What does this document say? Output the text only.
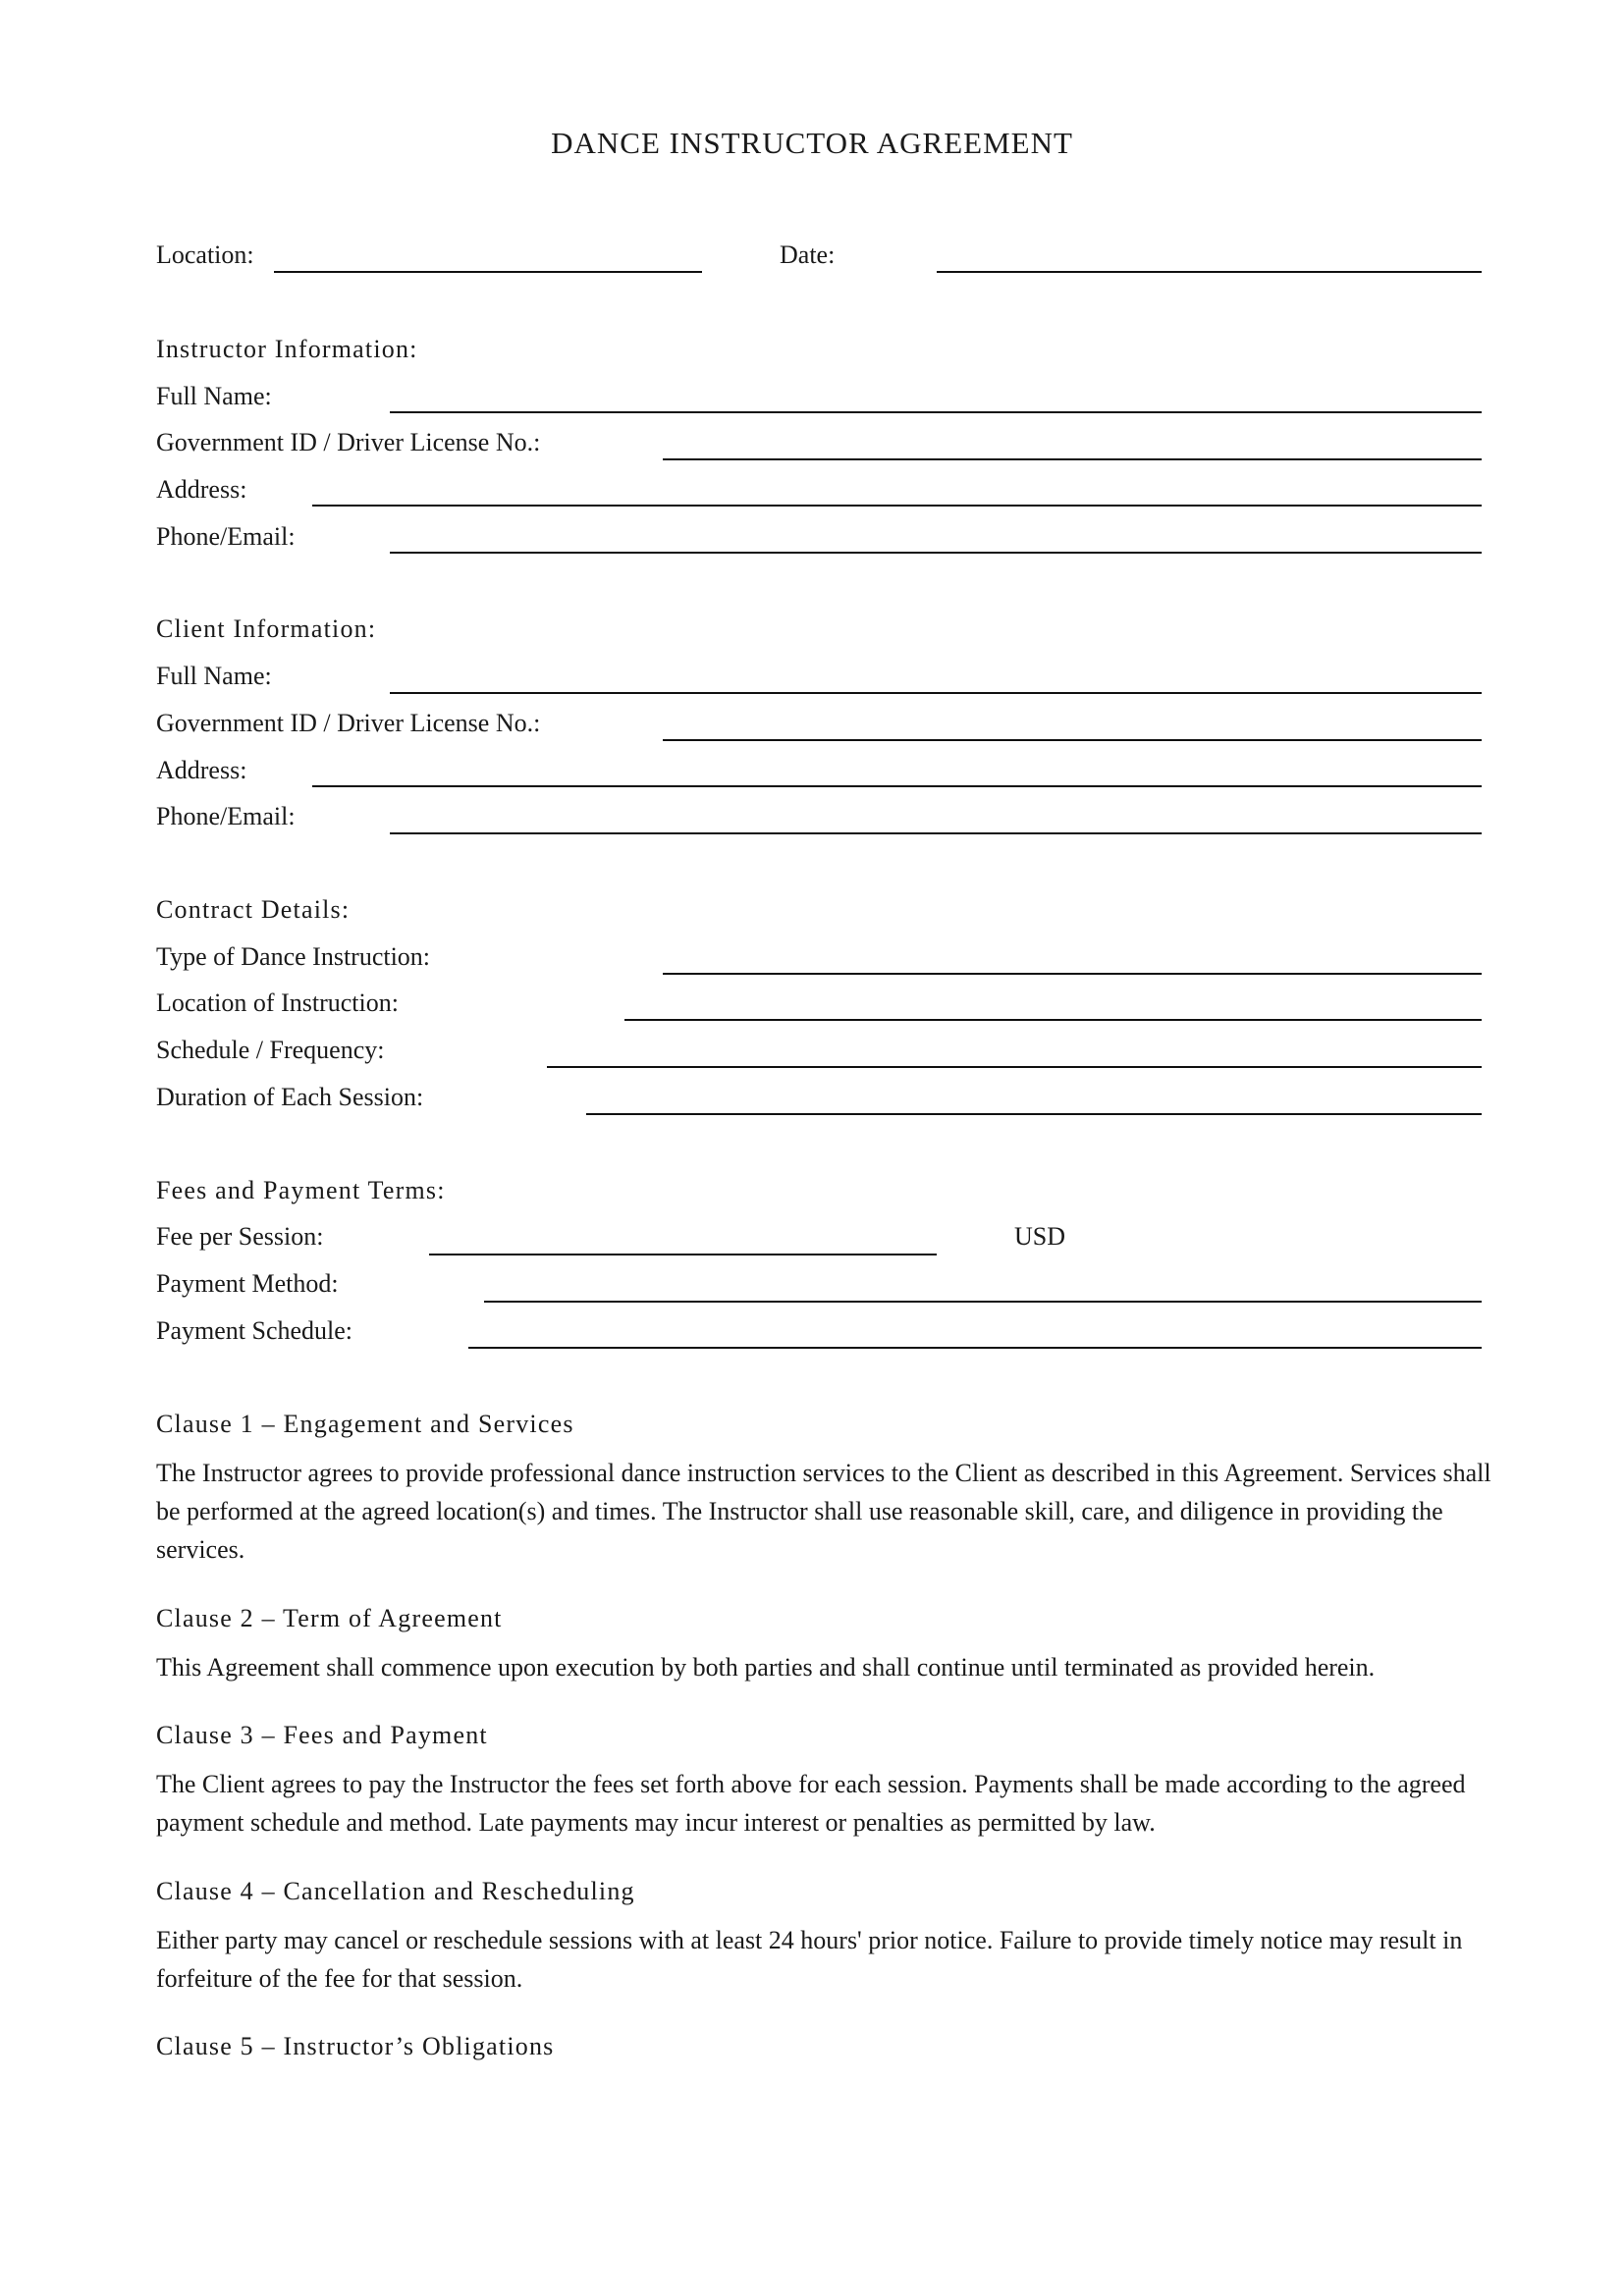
DANCE INSTRUCTOR AGREEMENT
Location:	Date:
Instructor Information:
Full Name:
Government ID / Driver License No.:
Address:
Phone/Email:
Client Information:
Full Name:
Government ID / Driver License No.:
Address:
Phone/Email:
Contract Details:
Type of Dance Instruction:
Location of Instruction:
Schedule / Frequency:
Duration of Each Session:
Fees and Payment Terms:
Fee per Session:	USD
Payment Method:
Payment Schedule:
Clause 1 – Engagement and Services
The Instructor agrees to provide professional dance instruction services to the Client as described in this Agreement. Services shall be performed at the agreed location(s) and times. The Instructor shall use reasonable skill, care, and diligence in providing the services.
Clause 2 – Term of Agreement
This Agreement shall commence upon execution by both parties and shall continue until terminated as provided herein.
Clause 3 – Fees and Payment
The Client agrees to pay the Instructor the fees set forth above for each session. Payments shall be made according to the agreed payment schedule and method. Late payments may incur interest or penalties as permitted by law.
Clause 4 – Cancellation and Rescheduling
Either party may cancel or reschedule sessions with at least 24 hours' prior notice. Failure to provide timely notice may result in forfeiture of the fee for that session.
Clause 5 – Instructor’s Obligations
